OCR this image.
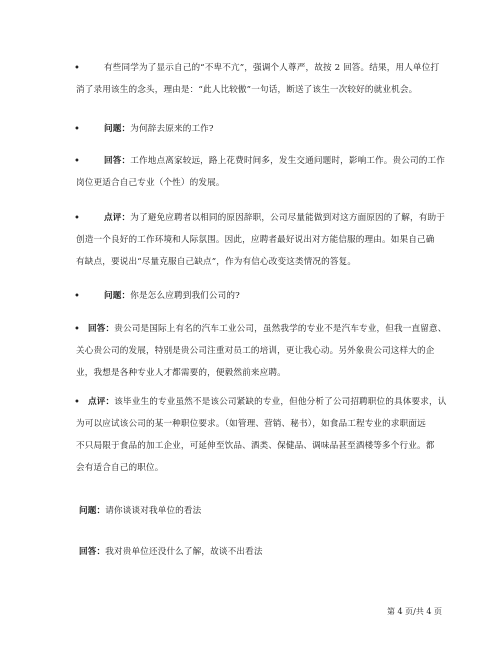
•	有些同学为了显示自己的“不卑不亢”，强调个人尊严，故按 2 回答。结果，用人单位打
消了录用该生的念头，理由是：“此人比较傲”一句话，断送了该生一次较好的就业机会。
•	问题：为何辞去原来的工作?
•	回答：工作地点离家较远，路上花费时间多，发生交通问题时，影响工作。贵公司的工作
岗位更适合自己专业（个性）的发展。
•	点评：为了避免应聘者以相同的原因辞职，公司尽量能做到对这方面原因的了解，有助于
创造一个良好的工作环境和人际氛围。因此，应聘者最好说出对方能信服的理由。如果自己确
有缺点，要说出“尽量克服自己缺点”，作为有信心改变这类情况的答复。
•	问题：你是怎么应聘到我们公司的?
• 回答：贵公司是国际上有名的汽车工业公司，虽然我学的专业不是汽车专业，但我一直留意、
关心贵公司的发展，特别是贵公司注重对员工的培训，更让我心动。另外象贵公司这样大的企
业，我想是各种专业人才都需要的，便毅然前来应聘。
• 点评：该毕业生的专业虽然不是该公司紧缺的专业，但他分析了公司招聘职位的具体要求，认
为可以应试该公司的某一种职位要求。（如管理、营销、秘书），如食品工程专业的求职面远
不只局限于食品的加工企业，可延伸至饮品、酒类、保健品、调味品甚至酒楼等多个行业。都
会有适合自己的职位。
问题：请你谈谈对我单位的看法
回答：我对贵单位还没什么了解，故谈不出看法
第 4 页/共 4 页
